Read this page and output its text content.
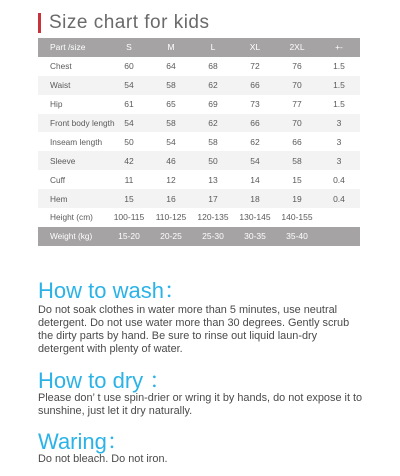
Size chart for kids
Part /size	S	M	L	XL	2XL	+-
Chest	60	64	68	72	76	1.5
Waist	54	58	62	66	70	1.5
Hip	61	65	69	73	77	1.5
Front body length	54	58	62	66	70	3
Inseam length	50	54	58	62	66	3
Sleeve	42	46	50	54	58	3
Cuff	11	12	13	14	15	0.4
Hem	15	16	17	18	19	0.4
Height (cm)	100-115	110-125	120-135	130-145	140-155	
Weight (kg)	15-20	20-25	25-30	30-35	35-40	
How to wash：
Do not soak clothes in water more than 5 minutes, use neutral detergent. Do not use water more than 30 degrees. Gently scrub the dirty parts by hand. Be sure to rinse out liquid laun-dry detergent with plenty of water.
How to dry ：
Please don’ t use spin-drier or wring it by hands, do not expose it to sunshine, just let it dry naturally.
Waring：
Do not bleach. Do not iron.
